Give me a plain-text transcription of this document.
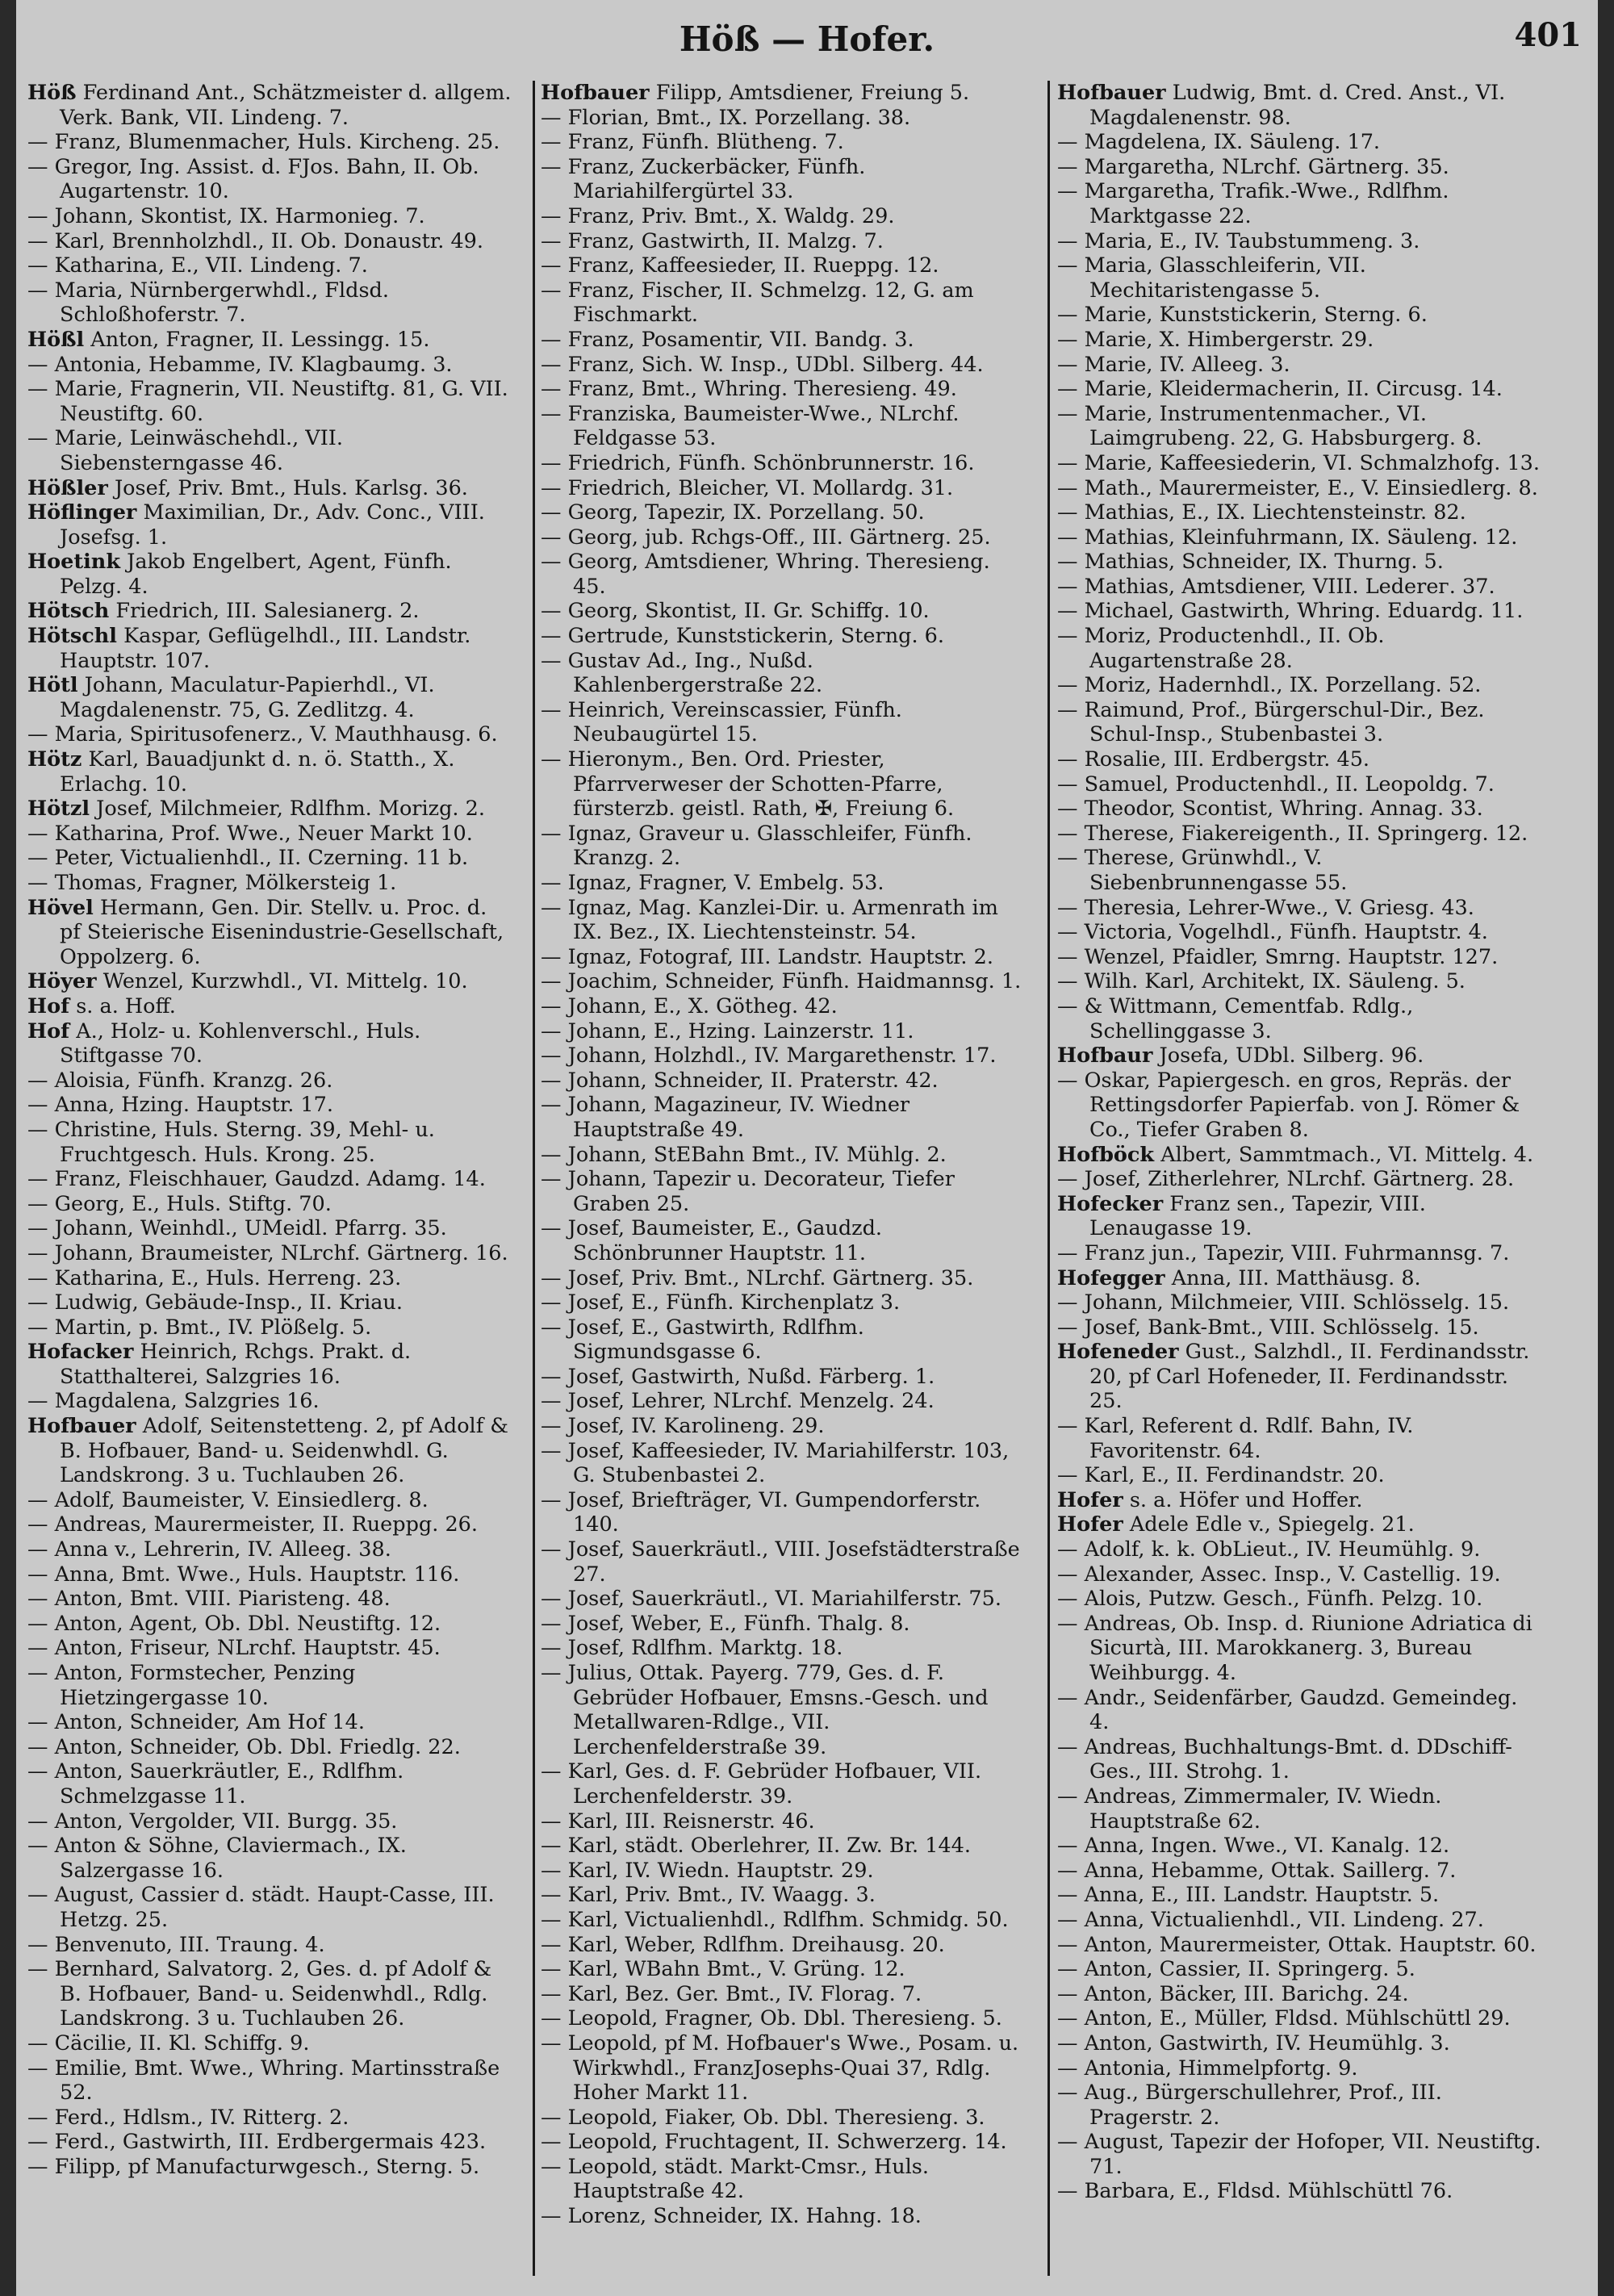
Höß — Hofer.	401

Höß Ferdinand Ant., Schätzmeister d. allgem. Verk. Bank, VII. Lindeng. 7.

— Franz, Blumenmacher, Huls. Kircheng. 25.

— Gregor, Ing. Assist. d. FJos. Bahn, II. Ob. Augartenstr. 10.

— Johann, Skontist, IX. Harmonieg. 7.

— Karl, Brennholzhdl., II. Ob. Donaustr. 49.

— Katharina, E., VII. Lindeng. 7.

— Maria, Nürnbergerwhdl., Fldsd. Schloßhoferstr. 7.

Hößl Anton, Fragner, II. Lessingg. 15.

— Antonia, Hebamme, IV. Klagbaumg. 3.

— Marie, Fragnerin, VII. Neustiftg. 81, G. VII. Neustiftg. 60.

— Marie, Leinwäschehdl., VII. Siebensterngasse 46.

Hößler Josef, Priv. Bmt., Huls. Karlsg. 36.

Höflinger Maximilian, Dr., Adv. Conc., VIII. Josefsg. 1.

Hoetink Jakob Engelbert, Agent, Fünfh. Pelzg. 4.

Hötsch Friedrich, III. Salesianerg. 2.

Hötschl Kaspar, Geflügelhdl., III. Landstr. Hauptstr. 107.

Hötl Johann, Maculatur-Papierhdl., VI. Magdalenenstr. 75, G. Zedlitzg. 4.

— Maria, Spiritusofenerz., V. Mauthhausg. 6.

Hötz Karl, Bauadjunkt d. n. ö. Statth., X. Erlachg. 10.

Hötzl Josef, Milchmeier, Rdlfhm. Morizg. 2.

— Katharina, Prof. Wwe., Neuer Markt 10.

— Peter, Victualienhdl., II. Czerning. 11 b.

— Thomas, Fragner, Mölkersteig 1.

Hövel Hermann, Gen. Dir. Stellv. u. Proc. d. pf Steierische Eisenindustrie-Gesellschaft, Oppolzerg. 6.

Höyer Wenzel, Kurzwhdl., VI. Mittelg. 10.

Hof s. a. Hoff.

Hof A., Holz- u. Kohlenverschl., Huls. Stiftgasse 70.

— Aloisia, Fünfh. Kranzg. 26.

— Anna, Hzing. Hauptstr. 17.

— Christine, Huls. Sterng. 39, Mehl- u. Fruchtgesch. Huls. Krong. 25.

— Franz, Fleischhauer, Gaudzd. Adamg. 14.

— Georg, E., Huls. Stiftg. 70.

— Johann, Weinhdl., UMeidl. Pfarrg. 35.

— Johann, Braumeister, NLrchf. Gärtnerg. 16.

— Katharina, E., Huls. Herreng. 23.

— Ludwig, Gebäude-Insp., II. Kriau.

— Martin, p. Bmt., IV. Plößelg. 5.

Hofacker Heinrich, Rchgs. Prakt. d. Statthalterei, Salzgries 16.

— Magdalena, Salzgries 16.

Hofbauer Adolf, Seitenstetteng. 2, pf Adolf & B. Hofbauer, Band- u. Seidenwhdl. G. Landskrong. 3 u. Tuchlauben 26.

— Adolf, Baumeister, V. Einsiedlerg. 8.

— Andreas, Maurermeister, II. Rueppg. 26.

— Anna v., Lehrerin, IV. Alleeg. 38.

— Anna, Bmt. Wwe., Huls. Hauptstr. 116.

— Anton, Bmt. VIII. Piaristeng. 48.

— Anton, Agent, Ob. Dbl. Neustiftg. 12.

— Anton, Friseur, NLrchf. Hauptstr. 45.

— Anton, Formstecher, Penzing Hietzingergasse 10.

— Anton, Schneider, Am Hof 14.

— Anton, Schneider, Ob. Dbl. Friedlg. 22.

— Anton, Sauerkräutler, E., Rdlfhm. Schmelzgasse 11.

— Anton, Vergolder, VII. Burgg. 35.

— Anton & Söhne, Claviermach., IX. Salzergasse 16.

— August, Cassier d. städt. Haupt-Casse, III. Hetzg. 25.

— Benvenuto, III. Traung. 4.

— Bernhard, Salvatorg. 2, Ges. d. pf Adolf & B. Hofbauer, Band- u. Seidenwhdl., Rdlg. Landskrong. 3 u. Tuchlauben 26.

— Cäcilie, II. Kl. Schiffg. 9.

— Emilie, Bmt. Wwe., Whring. Martinsstraße 52.

— Ferd., Hdlsm., IV. Ritterg. 2.

— Ferd., Gastwirth, III. Erdbergermais 423.

— Filipp, pf Manufacturwgesch., Sterng. 5.

Hofbauer Filipp, Amtsdiener, Freiung 5.

— Florian, Bmt., IX. Porzellang. 38.

— Franz, Fünfh. Blütheng. 7.

— Franz, Zuckerbäcker, Fünfh. Mariahilfergürtel 33.

— Franz, Priv. Bmt., X. Waldg. 29.

— Franz, Gastwirth, II. Malzg. 7.

— Franz, Kaffeesieder, II. Rueppg. 12.

— Franz, Fischer, II. Schmelzg. 12, G. am Fischmarkt.

— Franz, Posamentir, VII. Bandg. 3.

— Franz, Sich. W. Insp., UDbl. Silberg. 44.

— Franz, Bmt., Whring. Theresieng. 49.

— Franziska, Baumeister-Wwe., NLrchf. Feldgasse 53.

— Friedrich, Fünfh. Schönbrunnerstr. 16.

— Friedrich, Bleicher, VI. Mollardg. 31.

— Georg, Tapezir, IX. Porzellang. 50.

— Georg, jub. Rchgs-Off., III. Gärtnerg. 25.

— Georg, Amtsdiener, Whring. Theresieng. 45.

— Georg, Skontist, II. Gr. Schiffg. 10.

— Gertrude, Kunststickerin, Sterng. 6.

— Gustav Ad., Ing., Nußd. Kahlenbergerstraße 22.

— Heinrich, Vereinscassier, Fünfh. Neubaugürtel 15.

— Hieronym., Ben. Ord. Priester, Pfarrverweser der Schotten-Pfarre, fürsterzb. geistl. Rath, ✠, Freiung 6.

— Ignaz, Graveur u. Glasschleifer, Fünfh. Kranzg. 2.

— Ignaz, Fragner, V. Embelg. 53.

— Ignaz, Mag. Kanzlei-Dir. u. Armenrath im IX. Bez., IX. Liechtensteinstr. 54.

— Ignaz, Fotograf, III. Landstr. Hauptstr. 2.

— Joachim, Schneider, Fünfh. Haidmannsg. 1.

— Johann, E., X. Götheg. 42.

— Johann, E., Hzing. Lainzerstr. 11.

— Johann, Holzhdl., IV. Margarethenstr. 17.

— Johann, Schneider, II. Praterstr. 42.

— Johann, Magazineur, IV. Wiedner Hauptstraße 49.

— Johann, StEBahn Bmt., IV. Mühlg. 2.

— Johann, Tapezir u. Decorateur, Tiefer Graben 25.

— Josef, Baumeister, E., Gaudzd. Schönbrunner Hauptstr. 11.

— Josef, Priv. Bmt., NLrchf. Gärtnerg. 35.

— Josef, E., Fünfh. Kirchenplatz 3.

— Josef, E., Gastwirth, Rdlfhm. Sigmundsgasse 6.

— Josef, Gastwirth, Nußd. Färberg. 1.

— Josef, Lehrer, NLrchf. Menzelg. 24.

— Josef, IV. Karolineng. 29.

— Josef, Kaffeesieder, IV. Mariahilferstr. 103, G. Stubenbastei 2.

— Josef, Briefträger, VI. Gumpendorferstr. 140.

— Josef, Sauerkräutl., VIII. Josefstädterstraße 27.

— Josef, Sauerkräutl., VI. Mariahilferstr. 75.

— Josef, Weber, E., Fünfh. Thalg. 8.

— Josef, Rdlfhm. Marktg. 18.

— Julius, Ottak. Payerg. 779, Ges. d. F. Gebrüder Hofbauer, Emsns.-Gesch. und Metallwaren-Rdlge., VII. Lerchenfelderstraße 39.

— Karl, Ges. d. F. Gebrüder Hofbauer, VII. Lerchenfelderstr. 39.

— Karl, III. Reisnerstr. 46.

— Karl, städt. Oberlehrer, II. Zw. Br. 144.

— Karl, IV. Wiedn. Hauptstr. 29.

— Karl, Priv. Bmt., IV. Waagg. 3.

— Karl, Victualienhdl., Rdlfhm. Schmidg. 50.

— Karl, Weber, Rdlfhm. Dreihausg. 20.

— Karl, WBahn Bmt., V. Grüng. 12.

— Karl, Bez. Ger. Bmt., IV. Florag. 7.

— Leopold, Fragner, Ob. Dbl. Theresieng. 5.

— Leopold, pf M. Hofbauer's Wwe., Posam. u. Wirkwhdl., FranzJosephs-Quai 37, Rdlg. Hoher Markt 11.

— Leopold, Fiaker, Ob. Dbl. Theresieng. 3.

— Leopold, Fruchtagent, II. Schwerzerg. 14.

— Leopold, städt. Markt-Cmsr., Huls. Hauptstraße 42.

— Lorenz, Schneider, IX. Hahng. 18.

Hofbauer Ludwig, Bmt. d. Cred. Anst., VI. Magdalenenstr. 98.

— Magdelena, IX. Säuleng. 17.

— Margaretha, NLrchf. Gärtnerg. 35.

— Margaretha, Trafik.-Wwe., Rdlfhm. Marktgasse 22.

— Maria, E., IV. Taubstummeng. 3.

— Maria, Glasschleiferin, VII. Mechitaristengasse 5.

— Marie, Kunststickerin, Sterng. 6.

— Marie, X. Himbergerstr. 29.

— Marie, IV. Alleeg. 3.

— Marie, Kleidermacherin, II. Circusg. 14.

— Marie, Instrumentenmacher., VI. Laimgrubeng. 22, G. Habsburgerg. 8.

— Marie, Kaffeesiederin, VI. Schmalzhofg. 13.

— Math., Maurermeister, E., V. Einsiedlerg. 8.

— Mathias, E., IX. Liechtensteinstr. 82.

— Mathias, Kleinfuhrmann, IX. Säuleng. 12.

— Mathias, Schneider, IX. Thurng. 5.

— Mathias, Amtsdiener, VIII. Lederег. 37.

— Michael, Gastwirth, Whring. Eduardg. 11.

— Moriz, Productenhdl., II. Ob. Augartenstraße 28.

— Moriz, Hadernhdl., IX. Porzellang. 52.

— Raimund, Prof., Bürgerschul-Dir., Bez. Schul-Insp., Stubenbastei 3.

— Rosalie, III. Erdbergstr. 45.

— Samuel, Productenhdl., II. Leopoldg. 7.

— Theodor, Scontist, Whring. Annag. 33.

— Therese, Fiakereigenth., II. Springerg. 12.

— Therese, Grünwhdl., V. Siebenbrunnengasse 55.

— Theresia, Lehrer-Wwe., V. Griesg. 43.

— Victoria, Vogelhdl., Fünfh. Hauptstr. 4.

— Wenzel, Pfaidler, Smrng. Hauptstr. 127.

— Wilh. Karl, Architekt, IX. Säuleng. 5.

— & Wittmann, Cementfab. Rdlg., Schellinggasse 3.

Hofbaur Josefa, UDbl. Silberg. 96.

— Oskar, Papiergesch. en gros, Repräs. der Rettingsdorfer Papierfab. von J. Römer & Co., Tiefer Graben 8.

Hofböck Albert, Sammtmach., VI. Mittelg. 4.

— Josef, Zitherlehrer, NLrchf. Gärtnerg. 28.

Hofecker Franz sen., Tapezir, VIII. Lenaugasse 19.

— Franz jun., Tapezir, VIII. Fuhrmannsg. 7.

Hofegger Anna, III. Matthäusg. 8.

— Johann, Milchmeier, VIII. Schlösselg. 15.

— Josef, Bank-Bmt., VIII. Schlösselg. 15.

Hofeneder Gust., Salzhdl., II. Ferdinandsstr. 20, pf Carl Hofeneder, II. Ferdinandsstr. 25.

— Karl, Referent d. Rdlf. Bahn, IV. Favoritenstr. 64.

— Karl, E., II. Ferdinandstr. 20.

Hofer s. a. Höfer und Hoffer.

Hofer Adele Edle v., Spiegelg. 21.

— Adolf, k. k. ObLieut., IV. Heumühlg. 9.

— Alexander, Assec. Insp., V. Castellig. 19.

— Alois, Putzw. Gesch., Fünfh. Pelzg. 10.

— Andreas, Ob. Insp. d. Riunione Adriatica di Sicurtà, III. Marokkanerg. 3, Bureau Weihburgg. 4.

— Andr., Seidenfärber, Gaudzd. Gemeindeg. 4.

— Andreas, Buchhaltungs-Bmt. d. DDschiff-Ges., III. Strohg. 1.

— Andreas, Zimmermaler, IV. Wiedn. Hauptstraße 62.

— Anna, Ingen. Wwe., VI. Kanalg. 12.

— Anna, Hebamme, Ottak. Saillerg. 7.

— Anna, E., III. Landstr. Hauptstr. 5.

— Anna, Victualienhdl., VII. Lindeng. 27.

— Anton, Maurermeister, Ottak. Hauptstr. 60.

— Anton, Cassier, II. Springerg. 5.

— Anton, Bäcker, III. Barichg. 24.

— Anton, E., Müller, Fldsd. Mühlschüttl 29.

— Anton, Gastwirth, IV. Heumühlg. 3.

— Antonia, Himmelpfortg. 9.

— Aug., Bürgerschullehrer, Prof., III. Pragerstr. 2.

— August, Tapezir der Hofoper, VII. Neustiftg. 71.

— Barbara, E., Fldsd. Mühlschüttl 76.
